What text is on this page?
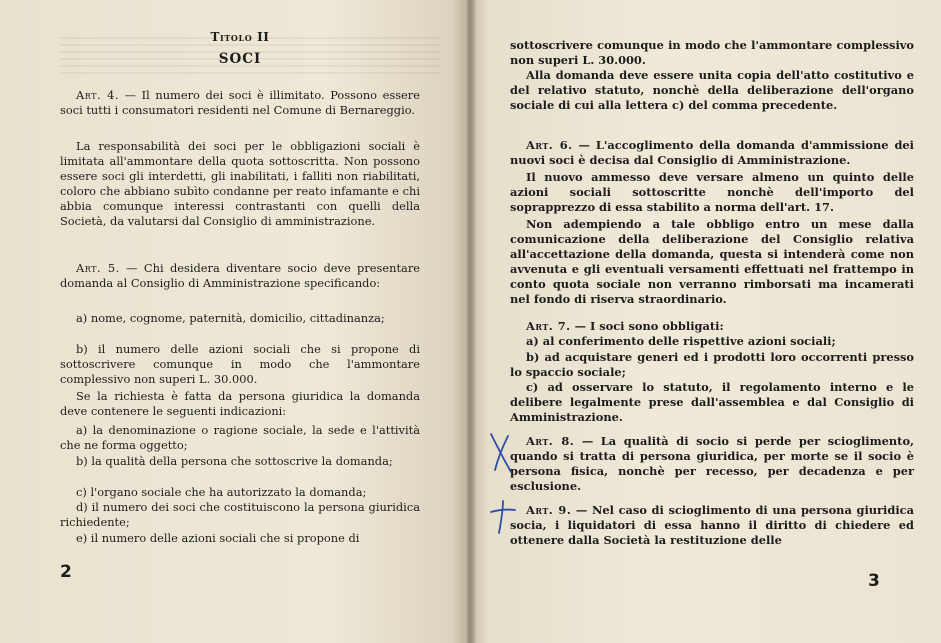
Titolo II
SOCI

Art. 4. — Il numero dei soci è illimitato. Possono essere soci tutti i consumatori residenti nel Comune di Bernareggio.

La responsabilità dei soci per le obbligazioni sociali è limitata all'ammontare della quota sottoscritta. Non possono essere soci gli interdetti, gli inabilitati, i falliti non riabilitati, coloro che abbiano subìto condanne per reato infamante e chi abbia comunque interessi contrastanti con quelli della Società, da valutarsi dal Consiglio di amministrazione.

Art. 5. — Chi desidera diventare socio deve presentare domanda al Consiglio di Amministrazione specificando:

a) nome, cognome, paternità, domicilio, cittadinanza;

b) il numero delle azioni sociali che si propone di sottoscrivere comunque in modo che l'ammontare complessivo non superi L. 30.000.

Se la richiesta è fatta da persona giuridica la domanda deve contenere le seguenti indicazioni:

a) la denominazione o ragione sociale, la sede e l'attività che ne forma oggetto;

b) la qualità della persona che sottoscrive la domanda;

c) l'organo sociale che ha autorizzato la domanda;

d) il numero dei soci che costituiscono la persona giuridica richiedente;

e) il numero delle azioni sociali che si propone di

2

sottoscrivere comunque in modo che l'ammontare complessivo non superi L. 30.000.

Alla domanda deve essere unita copia dell'atto costitutivo e del relativo statuto, nonchè della deliberazione dell'organo sociale di cui alla lettera c) del comma precedente.

Art. 6. — L'accoglimento della domanda d'ammissione dei nuovi soci è decisa dal Consiglio di Amministrazione.

Il nuovo ammesso deve versare almeno un quinto delle azioni sociali sottoscritte nonchè dell'importo del soprapprezzo di essa stabilito a norma dell'art. 17.

Non adempiendo a tale obbligo entro un mese dalla comunicazione della deliberazione del Consiglio relativa all'accettazione della domanda, questa si intenderà come non avvenuta e gli eventuali versamenti effettuati nel frattempo in conto quota sociale non verranno rimborsati ma incamerati nel fondo di riserva straordinario.

Art. 7. — I soci sono obbligati:

a) al conferimento delle rispettive azioni sociali;

b) ad acquistare generi ed i prodotti loro occorrenti presso lo spaccio sociale;

c) ad osservare lo statuto, il regolamento interno e le delibere legalmente prese dall'assemblea e dal Consiglio di Amministrazione.

Art. 8. — La qualità di socio si perde per scioglimento, quando si tratta di persona giuridica, per morte se il socio è persona fisica, nonchè per recesso, per decadenza e per esclusione.

Art. 9. — Nel caso di scioglimento di una persona giuridica socia, i liquidatori di essa hanno il diritto di chiedere ed ottenere dalla Società la restituzione delle

3
